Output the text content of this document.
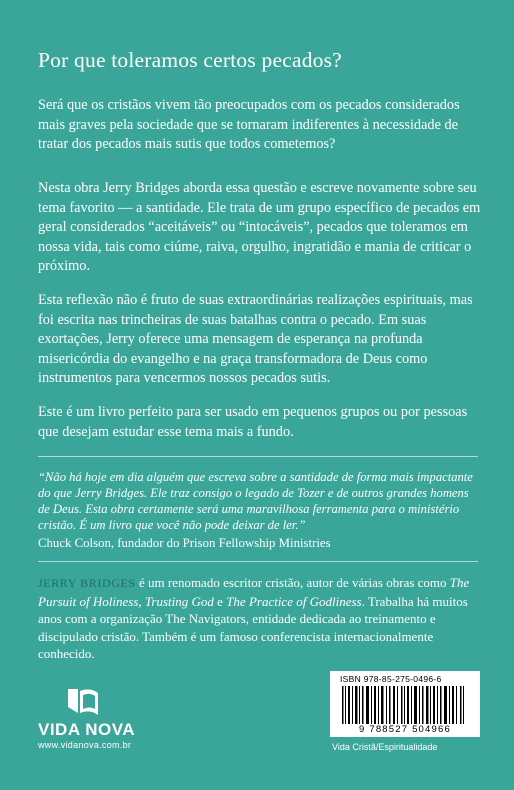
Por que toleramos certos pecados?

Será que os cristãos vivem tão preocupados com os pecados considerados mais graves pela sociedade que se tornaram indiferentes à necessidade de tratar dos pecados mais sutis que todos cometemos?

Nesta obra Jerry Bridges aborda essa questão e escreve novamente sobre seu tema favorito — a santidade. Ele trata de um grupo específico de pecados em geral considerados “aceitáveis” ou “intocáveis”, pecados que toleramos em nossa vida, tais como ciúme, raiva, orgulho, ingratidão e mania de criticar o próximo.

Esta reflexão não é fruto de suas extraordinárias realizações espirituais, mas foi escrita nas trincheiras de suas batalhas contra o pecado. Em suas exortações, Jerry oferece uma mensagem de esperança na profunda misericórdia do evangelho e na graça transformadora de Deus como instrumentos para vencermos nossos pecados sutis.

Este é um livro perfeito para ser usado em pequenos grupos ou por pessoas que desejam estudar esse tema mais a fundo.

“Não há hoje em dia alguém que escreva sobre a santidade de forma mais impactante do que Jerry Bridges. Ele traz consigo o legado de Tozer e de outros grandes homens de Deus. Esta obra certamente será uma maravilhosa ferramenta para o ministério cristão. É um livro que você não pode deixar de ler.”

Chuck Colson, fundador do Prison Fellowship Ministries

JERRY BRIDGES é um renomado escritor cristão, autor de várias obras como The Pursuit of Holiness, Trusting God e The Practice of Godliness. Trabalha há muitos anos com a organização The Navigators, entidade dedicada ao treinamento e discipulado cristão. Também é um famoso conferencista internacionalmente conhecido.

VIDA NOVA
www.vidanova.com.br
ISBN 978-85-275-0496-6
9 788527 504966
Vida Cristã/Espiritualidade
